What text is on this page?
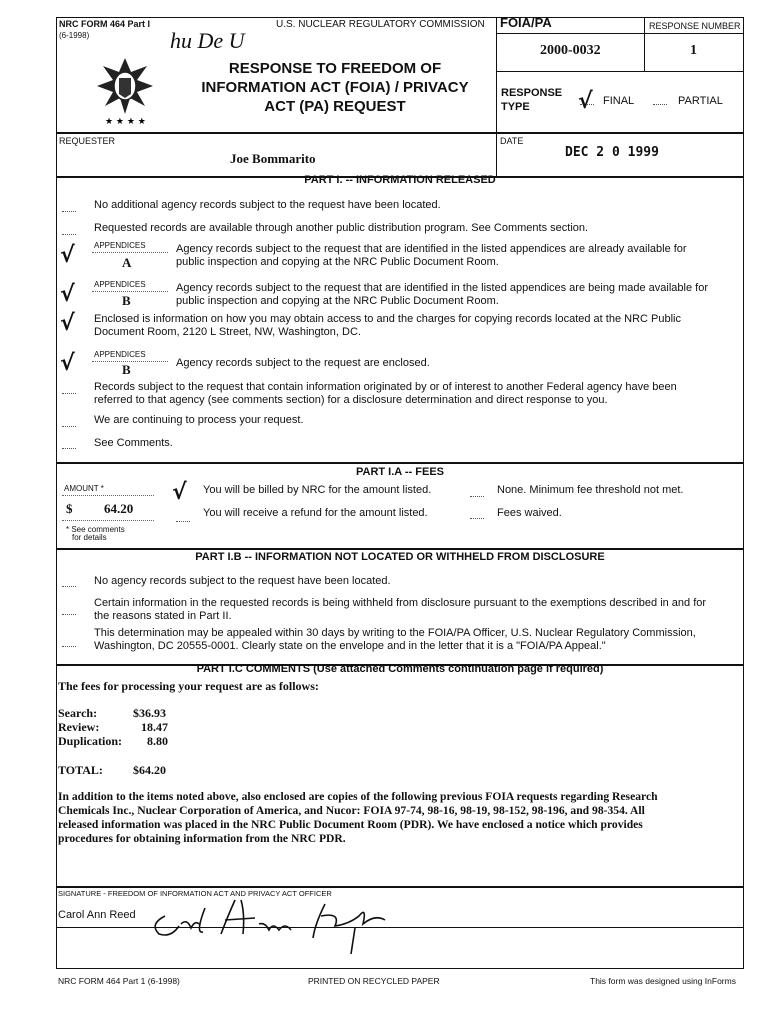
NRC FORM 464 Part I
(6-1998)
U.S. NUCLEAR REGULATORY COMMISSION FOIA/PA	RESPONSE NUMBER
2000-0032	1
★ ★ ★ ★
hu De U
RESPONSE TO FREEDOM OF
INFORMATION ACT (FOIA) / PRIVACY
ACT (PA) REQUEST
RESPONSE
TYPE √ FINAL	PARTIAL
REQUESTER
Joe Bommarito
DATE
DEC 2 0 1999
PART I. -- INFORMATION RELEASED
No additional agency records subject to the request have been located.
Requested records are available through another public distribution program. See Comments section.
√ APPENDICES
A
Agency records subject to the request that are identified in the listed appendices are already available for
public inspection and copying at the NRC Public Document Room.
√ APPENDICES
B
Agency records subject to the request that are identified in the listed appendices are being made available for
public inspection and copying at the NRC Public Document Room.
√ Enclosed is information on how you may obtain access to and the charges for copying records located at the NRC Public
Document Room, 2120 L Street, NW, Washington, DC.
√ APPENDICES
B	Agency records subject to the request are enclosed.
Records subject to the request that contain information originated by or of interest to another Federal agency have been
referred to that agency (see comments section) for a disclosure determination and direct response to you.
We are continuing to process your request.
See Comments.
PART I.A -- FEES
AMOUNT *
$ 64.20
* See comments
for details
√ You will be billed by NRC for the amount listed.
You will receive a refund for the amount listed.
None. Minimum fee threshold not met.
Fees waived.
PART I.B -- INFORMATION NOT LOCATED OR WITHHELD FROM DISCLOSURE
No agency records subject to the request have been located.
Certain information in the requested records is being withheld from disclosure pursuant to the exemptions described in and for
the reasons stated in Part II.
This determination may be appealed within 30 days by writing to the FOIA/PA Officer, U.S. Nuclear Regulatory Commission,
Washington, DC 20555-0001. Clearly state on the envelope and in the letter that it is a "FOIA/PA Appeal."
PART I.C COMMENTS (Use attached Comments continuation page if required)
The fees for processing your request are as follows:
Search:	$36.93
Review:	18.47
Duplication: 8.80
TOTAL:	$64.20
In addition to the items noted above, also enclosed are copies of the following previous FOIA requests regarding Research
Chemicals Inc., Nuclear Corporation of America, and Nucor: FOIA 97-74, 98-16, 98-19, 98-152, 98-196, and 98-354. All
released information was placed in the NRC Public Document Room (PDR). We have enclosed a notice which provides
procedures for obtaining information from the NRC PDR.
SIGNATURE - FREEDOM OF INFORMATION ACT AND PRIVACY ACT OFFICER
Carol Ann Reed
NRC FORM 464 Part 1 (6-1998)	PRINTED ON RECYCLED PAPER	This form was designed using InForms
